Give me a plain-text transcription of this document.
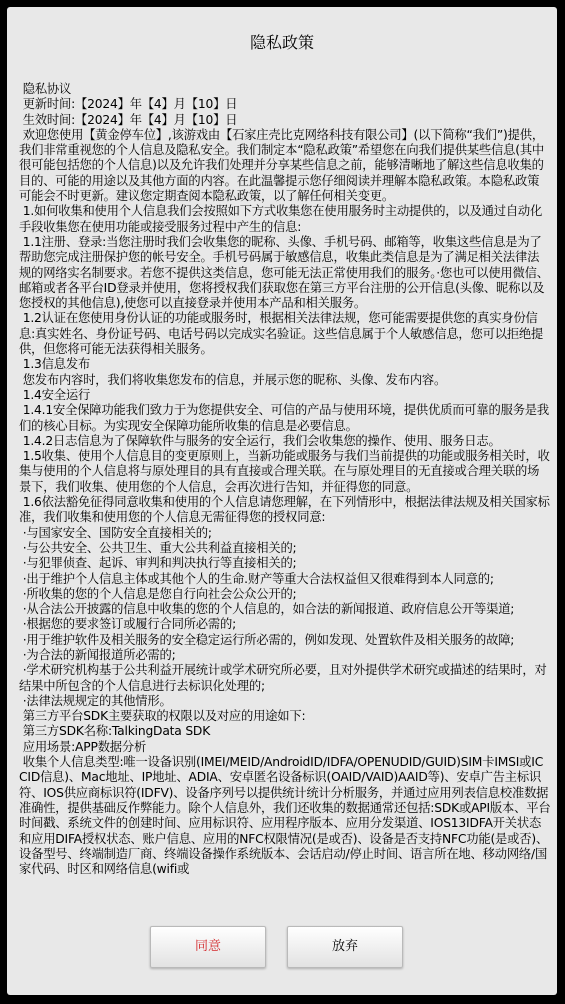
隐私政策

隐私协议

更新时间:【2024】年【4】月【10】日

生效时间:【2024】年【4】月【10】日

欢迎您使用【黄金停车位】,该游戏由【石家庄壳比克网络科技有限公司】(以下简称“我们”)提供，我们非常重视您的个人信息及隐私安全。我们制定本“隐私政策”希望您在向我们提供某些信息(其中很可能包括您的个人信息)以及允许我们处理并分享某些信息之前，能够清晰地了解这些信息收集的目的、可能的用途以及其他方面的内容。在此温馨提示您仔细阅读并理解本隐私政策。本隐私政策可能会不时更新。建议您定期查阅本隐私政策，以了解任何相关变更。

1.如何收集和使用个人信息我们会按照如下方式收集您在使用服务时主动提供的，以及通过自动化手段收集您在使用功能或接受服务过程中产生的信息:

1.1注册、登录:当您注册时我们会收集您的昵称、头像、手机号码、邮箱等，收集这些信息是为了帮助您完成注册保护您的帐号安全。手机号码属于敏感信息，收集此类信息是为了满足相关法律法规的网络实名制要求。若您不提供这类信息，您可能无法正常使用我们的服务。·您也可以使用微信、邮箱或者各平台ID登录并使用，您将授权我们获取您在第三方平台注册的公开信息(头像、昵称以及您授权的其他信息),使您可以直接登录并使用本产品和相关服务。

1.2认证在您使用身份认证的功能或服务时，根据相关法律法规，您可能需要提供您的真实身份信息:真实姓名、身份证号码、电话号码以完成实名验证。这些信息属于个人敏感信息，您可以拒绝提供，但您将可能无法获得相关服务。

1.3信息发布

您发布内容时，我们将收集您发布的信息，并展示您的昵称、头像、发布内容。

1.4安全运行

1.4.1安全保障功能我们致力于为您提供安全、可信的产品与使用环境，提供优质而可靠的服务是我们的核心目标。为实现安全保障功能所收集的信息是必要信息。

1.4.2日志信息为了保障软件与服务的安全运行，我们会收集您的操作、使用、服务日志。

1.5收集、使用个人信息目的变更原则上，当新功能或服务与我们当前提供的功能或服务相关时，收集与使用的个人信息将与原处理目的具有直接或合理关联。在与原处理目的无直接或合理关联的场景下，我们收集、使用您的个人信息，会再次进行告知，并征得您的同意。

1.6依法豁免征得同意收集和使用的个人信息请您理解，在下列情形中，根据法律法规及相关国家标准，我们收集和使用您的个人信息无需征得您的授权同意:

·与国家安全、国防安全直接相关的;

·与公共安全、公共卫生、重大公共利益直接相关的;

·与犯罪侦查、起诉、审判和判决执行等直接相关的;

·出于维护个人信息主体或其他个人的生命.财产等重大合法权益但又很难得到本人同意的;

·所收集的您的个人信息是您自行向社会公众公开的;

·从合法公开披露的信息中收集的您的个人信息的，如合法的新闻报道、政府信息公开等渠道;

·根据您的要求签订或履行合同所必需的;

·用于维护软件及相关服务的安全稳定运行所必需的，例如发现、处置软件及相关服务的故障;

·为合法的新闻报道所必需的;

·学术研究机构基于公共利益开展统计或学术研究所必要，且对外提供学术研究或描述的结果时，对结果中所包含的个人信息进行去标识化处理的;

·法律法规规定的其他情形。

第三方平台SDK主要获取的权限以及对应的用途如下:

第三方SDK名称:TalkingData SDK

应用场景:APP数据分析

收集个人信息类型:唯一设备识别(IMEI/MEID/AndroidID/IDFA/OPENUDID/GUID)SIM卡IMSI或ICCID信息)、Mac地址、IP地址、ADIA、安卓匿名设备标识(OAID/VAID)AAID等)、安卓广告主标识符、IOS供应商标识符(IDFV)、设备序列号以提供统计统计分析服务，并通过应用列表信息校准数据准确性，提供基础反作弊能力。除个人信息外，我们还收集的数据通常还包括:SDK或API版本、平台时间戳、系统文件的创建时间、应用标识符、应用程序版本、应用分发渠道、IOS13IDFA开关状态和应用DIFA授权状态、账户信息、应用的NFC权限情况(是或否)、设备是否支持NFC功能(是或否)、设备型号、终端制造厂商、终端设备操作系统版本、会话启动/停止时间、语言所在地、移动网络/国家代码、时区和网络信息(wifi或

同意	放弃
